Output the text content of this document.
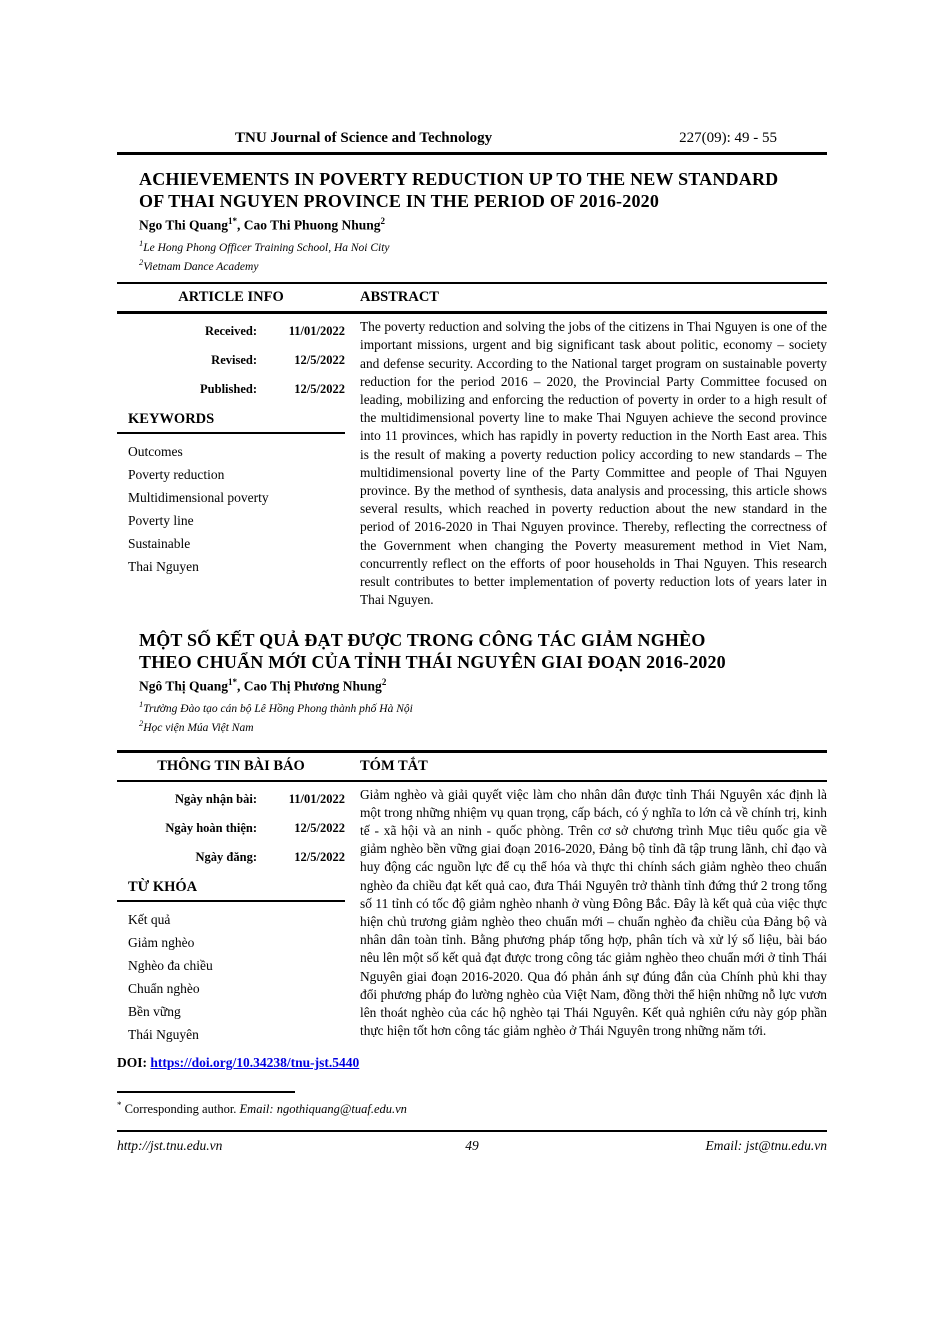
TNU Journal of Science and Technology	227(09): 49 - 55
ACHIEVEMENTS IN POVERTY REDUCTION UP TO THE NEW STANDARD
OF THAI NGUYEN PROVINCE IN THE PERIOD OF 2016-2020
Ngo Thi Quang$^{1*}$, Cao Thi Phuong Nhung$^2$
$^1$Le Hong Phong Officer Training School, Ha Noi City
$^2$Vietnam Dance Academy
ARTICLE INFO	ABSTRACT
Received:	11/01/2022
Revised:	12/5/2022
Published:	12/5/2022
KEYWORDS
Outcomes
Poverty reduction
Multidimensional poverty
Poverty line
Sustainable
Thai Nguyen
The poverty reduction and solving the jobs of the citizens in Thai Nguyen is one of the important missions, urgent and big significant task about politic, economy – society and defense security. According to the National target program on sustainable poverty reduction for the period 2016 – 2020, the Provincial Party Committee focused on leading, mobilizing and enforcing the reduction of poverty in order to a high result of the multidimensional poverty line to make Thai Nguyen achieve the second province into 11 provinces, which has rapidly in poverty reduction in the North East area. This is the result of making a poverty reduction policy according to new standards – The multidimensional poverty line of the Party Committee and people of Thai Nguyen province. By the method of synthesis, data analysis and processing, this article shows several results, which reached in poverty reduction about the new standard in the period of 2016-2020 in Thai Nguyen province. Thereby, reflecting the correctness of the Government when changing the Poverty measurement method in Viet Nam, concurrently reflect on the efforts of poor households in Thai Nguyen. This research result contributes to better implementation of poverty reduction lots of years later in Thai Nguyen.
MỘT SỐ KẾT QUẢ ĐẠT ĐƯỢC TRONG CÔNG TÁC GIẢM NGHÈO
THEO CHUẨN MỚI CỦA TỈNH THÁI NGUYÊN GIAI ĐOẠN 2016-2020
Ngô Thị Quang$^{1*}$, Cao Thị Phương Nhung$^2$
$^1$Trường Đào tạo cán bộ Lê Hồng Phong thành phố Hà Nội
$^2$Học viện Múa Việt Nam
THÔNG TIN BÀI BÁO	TÓM TẮT
Ngày nhận bài:	11/01/2022
Ngày hoàn thiện:	12/5/2022
Ngày đăng:	12/5/2022
TỪ KHÓA
Kết quả
Giảm nghèo
Nghèo đa chiều
Chuẩn nghèo
Bền vững
Thái Nguyên
Giảm nghèo và giải quyết việc làm cho nhân dân được tỉnh Thái Nguyên xác định là một trong những nhiệm vụ quan trọng, cấp bách, có ý nghĩa to lớn cả về chính trị, kinh tế - xã hội và an ninh - quốc phòng. Trên cơ sở chương trình Mục tiêu quốc gia về giảm nghèo bền vững giai đoạn 2016-2020, Đảng bộ tỉnh đã tập trung lãnh, chỉ đạo và huy động các nguồn lực để cụ thể hóa và thực thi chính sách giảm nghèo theo chuẩn nghèo đa chiều đạt kết quả cao, đưa Thái Nguyên trở thành tỉnh đứng thứ 2 trong tổng số 11 tỉnh có tốc độ giảm nghèo nhanh ở vùng Đông Bắc. Đây là kết quả của việc thực hiện chủ trương giảm nghèo theo chuẩn mới – chuẩn nghèo đa chiều của Đảng bộ và nhân dân toàn tỉnh. Bằng phương pháp tổng hợp, phân tích và xử lý số liệu, bài báo nêu lên một số kết quả đạt được trong công tác giảm nghèo theo chuẩn mới ở tỉnh Thái Nguyên giai đoạn 2016-2020. Qua đó phản ánh sự đúng đắn của Chính phủ khi thay đổi phương pháp đo lường nghèo của Việt Nam, đồng thời thể hiện những nỗ lực vươn lên thoát nghèo của các hộ nghèo tại Thái Nguyên. Kết quả nghiên cứu này góp phần thực hiện tốt hơn công tác giảm nghèo ở Thái Nguyên trong những năm tới.
DOI: https://doi.org/10.34238/tnu-jst.5440
* Corresponding author. Email: ngothiquang@tuaf.edu.vn
http://jst.tnu.edu.vn	49	Email: jst@tnu.edu.vn
